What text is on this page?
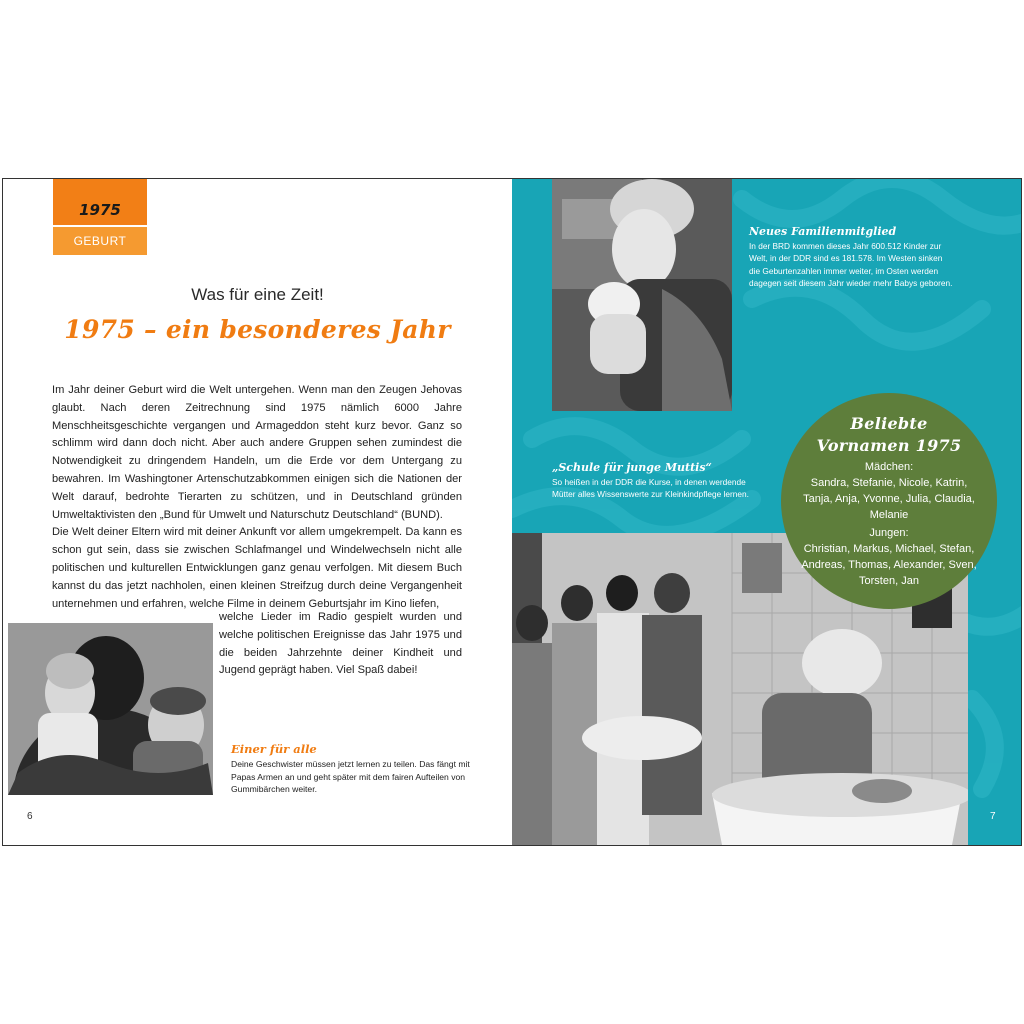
1975
GEBURT
Was für eine Zeit!
1975 – ein besonderes Jahr

Im Jahr deiner Geburt wird die Welt untergehen. Wenn man den Zeugen Jehovas glaubt. Nach deren Zeitrechnung sind 1975 nämlich 6000 Jahre Menschheitsgeschichte vergangen und Armageddon steht kurz bevor. Ganz so schlimm wird dann doch nicht. Aber auch andere Gruppen sehen zumindest die Notwendigkeit zu dringendem Handeln, um die Erde vor dem Untergang zu bewahren. Im Washingtoner Artenschutzabkommen einigen sich die Nationen der Welt darauf, bedrohte Tierarten zu schützen, und in Deutschland gründen Umweltaktivisten den „Bund für Umwelt und Naturschutz Deutschland“ (BUND).

Die Welt deiner Eltern wird mit deiner Ankunft vor allem umgekrempelt. Da kann es schon gut sein, dass sie zwischen Schlafmangel und Windelwechseln nicht alle politischen und kulturellen Entwicklungen ganz genau verfolgen. Mit diesem Buch kannst du das jetzt nachholen, einen kleinen Streifzug durch deine Vergangenheit unternehmen und erfahren, welche Filme in deinem Geburtsjahr im Kino liefen,

welche Lieder im Radio gespielt wurden und welche politischen Ereignisse das Jahr 1975 und die beiden Jahrzehnte deiner Kindheit und Jugend geprägt haben. Viel Spaß dabei!

Einer für alle
Deine Geschwister müssen jetzt lernen zu teilen. Das fängt mit Papas Armen an und geht später mit dem fairen Aufteilen von Gummibärchen weiter.
6
Neues Familienmitglied
In der BRD kommen dieses Jahr 600.512 Kinder zur Welt, in der DDR sind es 181.578. Im Westen sinken die Geburtenzahlen immer weiter, im Osten werden dagegen seit diesem Jahr wieder mehr Babys geboren.
„Schule für junge Muttis“
So heißen in der DDR die Kurse, in denen werdende Mütter alles Wissenswerte zur Kleinkindpflege lernen.
Beliebte
Vornamen 1975
Mädchen:
Sandra, Stefanie, Nicole, Katrin, Tanja, Anja, Yvonne, Julia, Claudia, Melanie
Jungen:
Christian, Markus, Michael, Stefan, Andreas, Thomas, Alexander, Sven, Torsten, Jan
7
